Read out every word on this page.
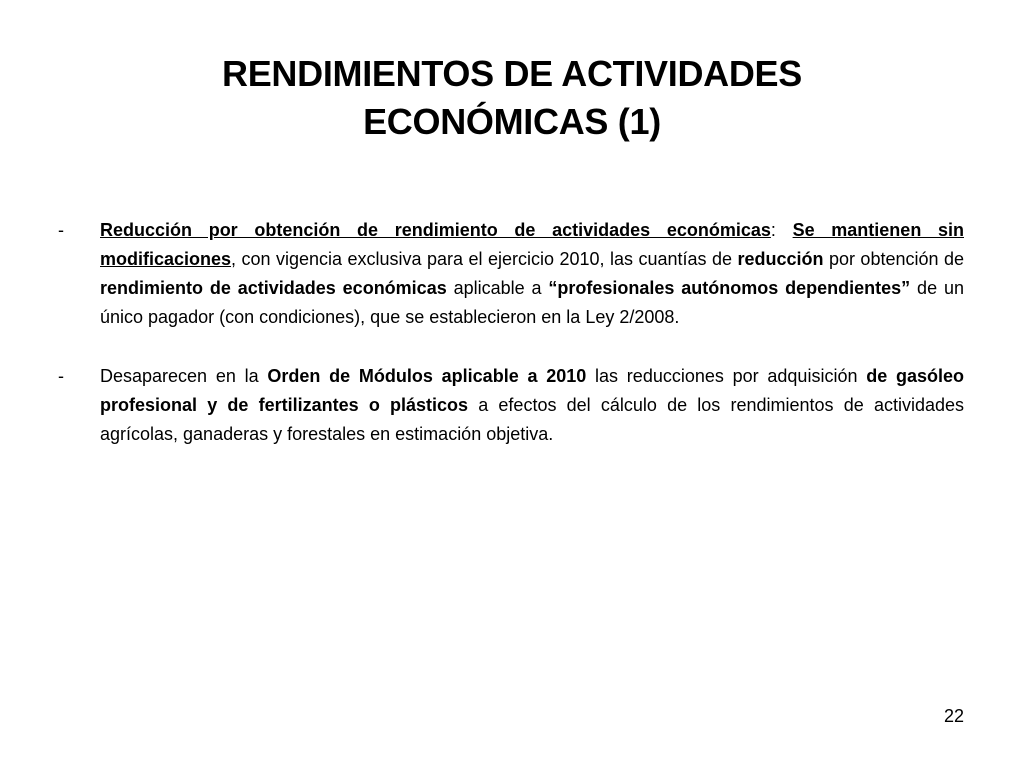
RENDIMIENTOS DE ACTIVIDADES
ECONÓMICAS (1)
-	Reducción por obtención de rendimiento de actividades económicas: Se mantienen sin modificaciones, con vigencia exclusiva para el ejercicio 2010, las cuantías de reducción por obtención de rendimiento de actividades económicas aplicable a “profesionales autónomos dependientes” de un único pagador (con condiciones), que se establecieron en la Ley 2/2008.
-	Desaparecen en la Orden de Módulos aplicable a 2010 las reducciones por adquisición de gasóleo profesional y de fertilizantes o plásticos a efectos del cálculo de los rendimientos de actividades agrícolas, ganaderas y forestales en estimación objetiva.
22
